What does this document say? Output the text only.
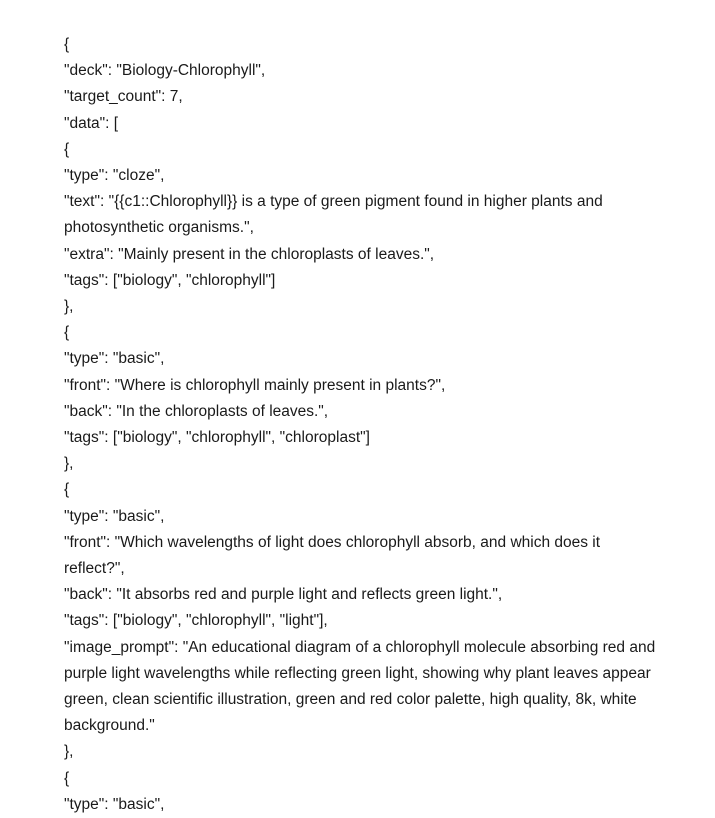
{
"deck": "Biology-Chlorophyll",
"target_count": 7,
"data": [
{
"type": "cloze",
"text": "{{c1::Chlorophyll}} is a type of green pigment found in higher plants and photosynthetic organisms.",
"extra": "Mainly present in the chloroplasts of leaves.",
"tags": ["biology", "chlorophyll"]
},
{
"type": "basic",
"front": "Where is chlorophyll mainly present in plants?",
"back": "In the chloroplasts of leaves.",
"tags": ["biology", "chlorophyll", "chloroplast"]
},
{
"type": "basic",
"front": "Which wavelengths of light does chlorophyll absorb, and which does it reflect?",
"back": "It absorbs red and purple light and reflects green light.",
"tags": ["biology", "chlorophyll", "light"],
"image_prompt": "An educational diagram of a chlorophyll molecule absorbing red and purple light wavelengths while reflecting green light, showing why plant leaves appear green, clean scientific illustration, green and red color palette, high quality, 8k, white background."
},
{
"type": "basic",
